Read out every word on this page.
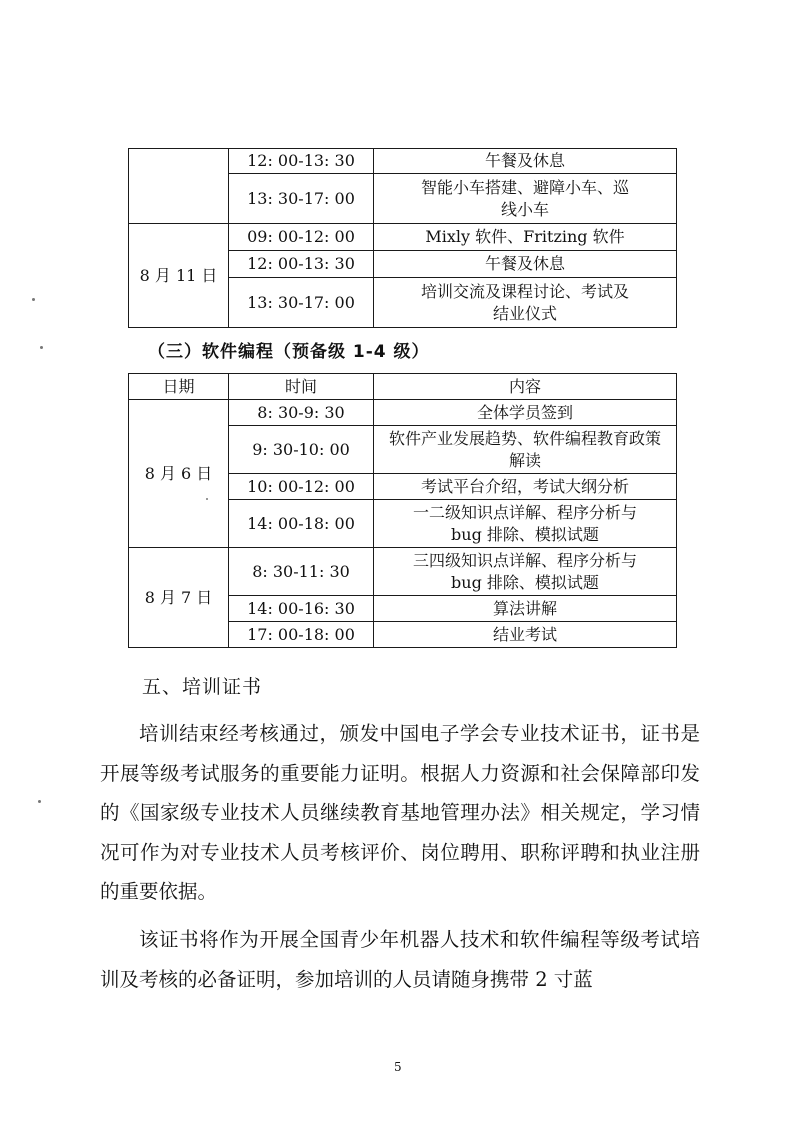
	12: 00-13: 30	午餐及休息
	13: 30-17: 00	智能小车搭建、避障小车、巡线小车
8 月 11 日	09: 00-12: 00	Mixly 软件、Fritzing 软件
	12: 00-13: 30	午餐及休息
	13: 30-17: 00	培训交流及课程讨论、考试及结业仪式
（三）软件编程（预备级 1-4 级）
日期	时间	内容
8 月 6 日	8: 30-9: 30	全体学员签到
	9: 30-10: 00	软件产业发展趋势、软件编程教育政策解读
	10: 00-12: 00	考试平台介绍，考试大纲分析
	14: 00-18: 00	一二级知识点详解、程序分析与 bug 排除、模拟试题
8 月 7 日	8: 30-11: 30	三四级知识点详解、程序分析与 bug 排除、模拟试题
	14: 00-16: 30	算法讲解
	17: 00-18: 00	结业考试
五、培训证书
培训结束经考核通过，颁发中国电子学会专业技术证书，证书是开展等级考试服务的重要能力证明。根据人力资源和社会保障部印发的《国家级专业技术人员继续教育基地管理办法》相关规定，学习情况可作为对专业技术人员考核评价、岗位聘用、职称评聘和执业注册的重要依据。
该证书将作为开展全国青少年机器人技术和软件编程等级考试培训及考核的必备证明，参加培训的人员请随身携带 2 寸蓝
5
